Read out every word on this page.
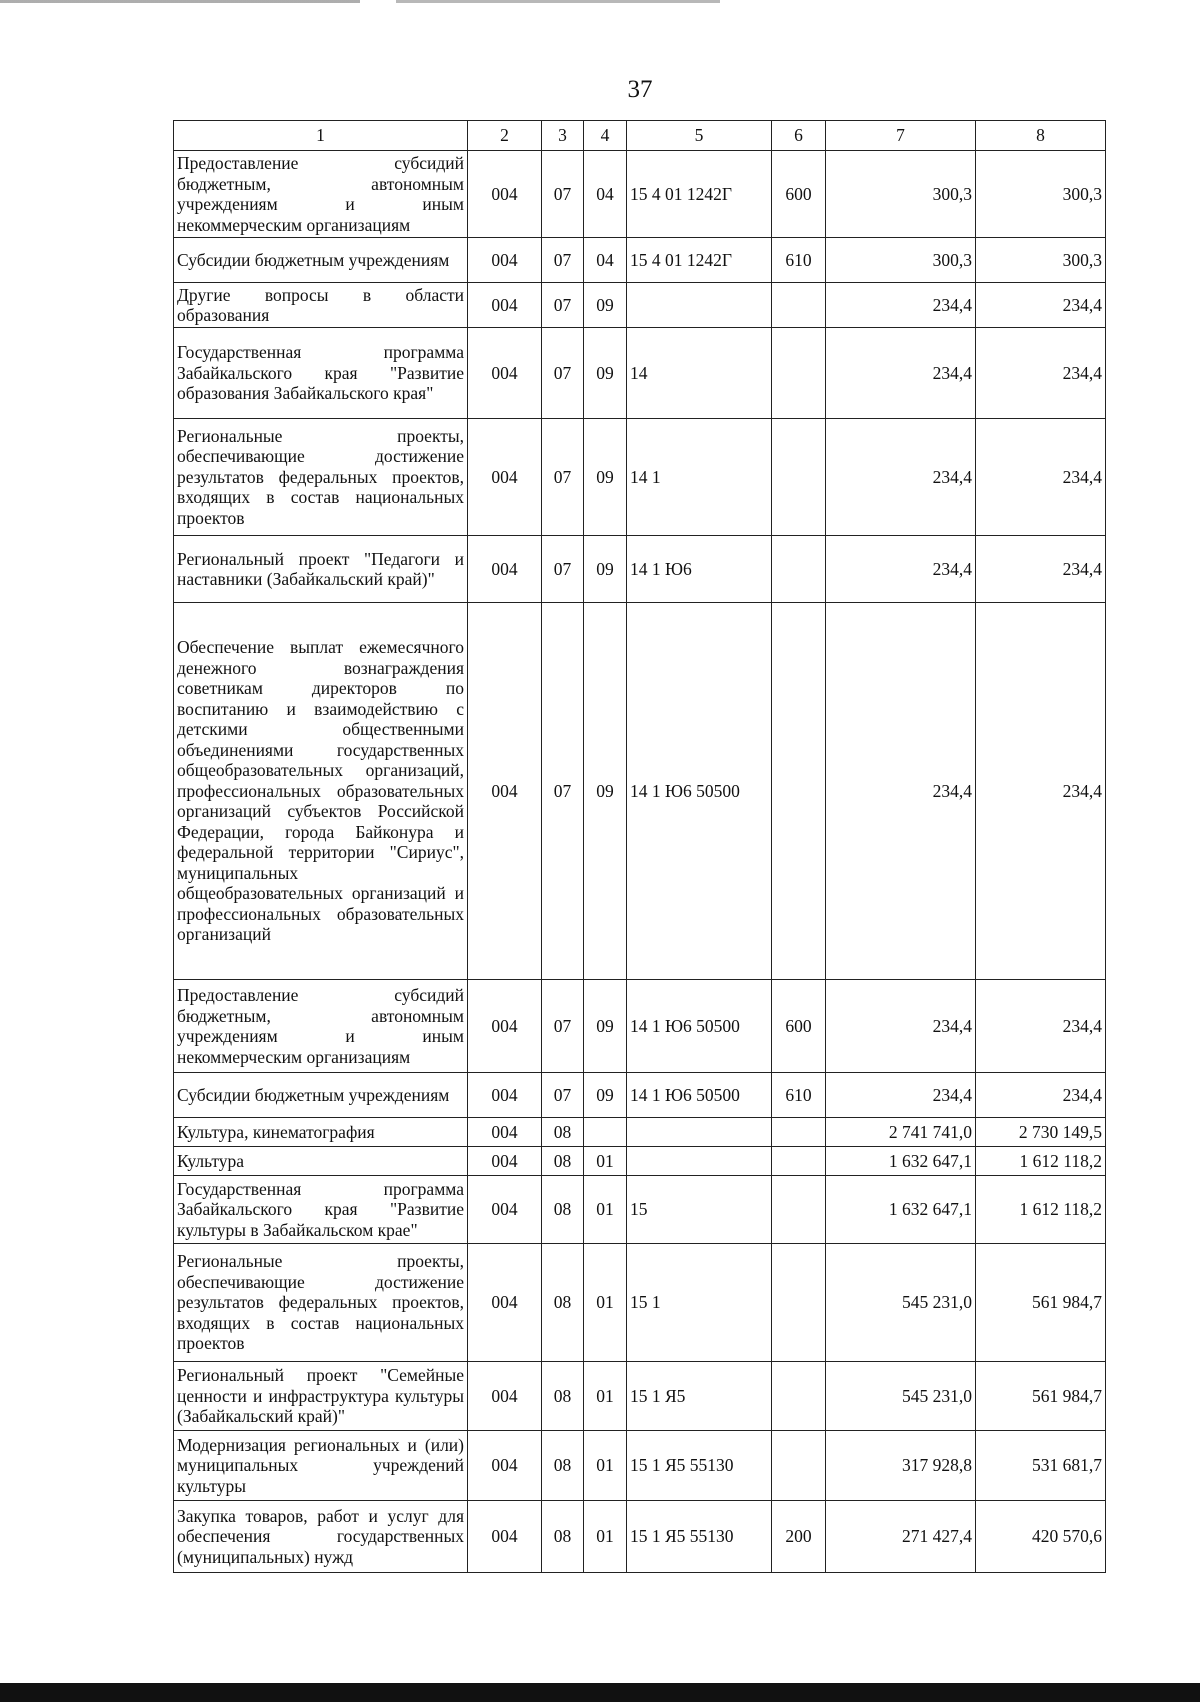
37
1	2	3	4	5	6	7	8
Предоставление субсидий бюджетным, автономным учреждениям и иным некоммерческим организациям	004	07	04	15 4 01 1242Г	600	300,3	300,3
Субсидии бюджетным учреждениям	004	07	04	15 4 01 1242Г	610	300,3	300,3
Другие вопросы в области образования	004	07	09			234,4	234,4
Государственная программа Забайкальского края "Развитие образования Забайкальского края"	004	07	09	14		234,4	234,4
Региональные проекты, обеспечивающие достижение результатов федеральных проектов, входящих в состав национальных проектов	004	07	09	14 1		234,4	234,4
Региональный проект "Педагоги и наставники (Забайкальский край)"	004	07	09	14 1 Ю6		234,4	234,4
Обеспечение выплат ежемесячного денежного вознаграждения советникам директоров по воспитанию и взаимодействию с детскими общественными объединениями государственных общеобразовательных организаций, профессиональных образовательных организаций субъектов Российской Федерации, города Байконура и федеральной территории "Сириус", муниципальных общеобразовательных организаций и профессиональных образовательных организаций	004	07	09	14 1 Ю6 50500		234,4	234,4
Предоставление субсидий бюджетным, автономным учреждениям и иным некоммерческим организациям	004	07	09	14 1 Ю6 50500	600	234,4	234,4
Субсидии бюджетным учреждениям	004	07	09	14 1 Ю6 50500	610	234,4	234,4
Культура, кинематография	004	08				2 741 741,0	2 730 149,5
Культура	004	08	01			1 632 647,1	1 612 118,2
Государственная программа Забайкальского края "Развитие культуры в Забайкальском крае"	004	08	01	15		1 632 647,1	1 612 118,2
Региональные проекты, обеспечивающие достижение результатов федеральных проектов, входящих в состав национальных проектов	004	08	01	15 1		545 231,0	561 984,7
Региональный проект "Семейные ценности и инфраструктура культуры (Забайкальский край)"	004	08	01	15 1 Я5		545 231,0	561 984,7
Модернизация региональных и (или) муниципальных учреждений культуры	004	08	01	15 1 Я5 55130		317 928,8	531 681,7
Закупка товаров, работ и услуг для обеспечения государственных (муниципальных) нужд	004	08	01	15 1 Я5 55130	200	271 427,4	420 570,6
